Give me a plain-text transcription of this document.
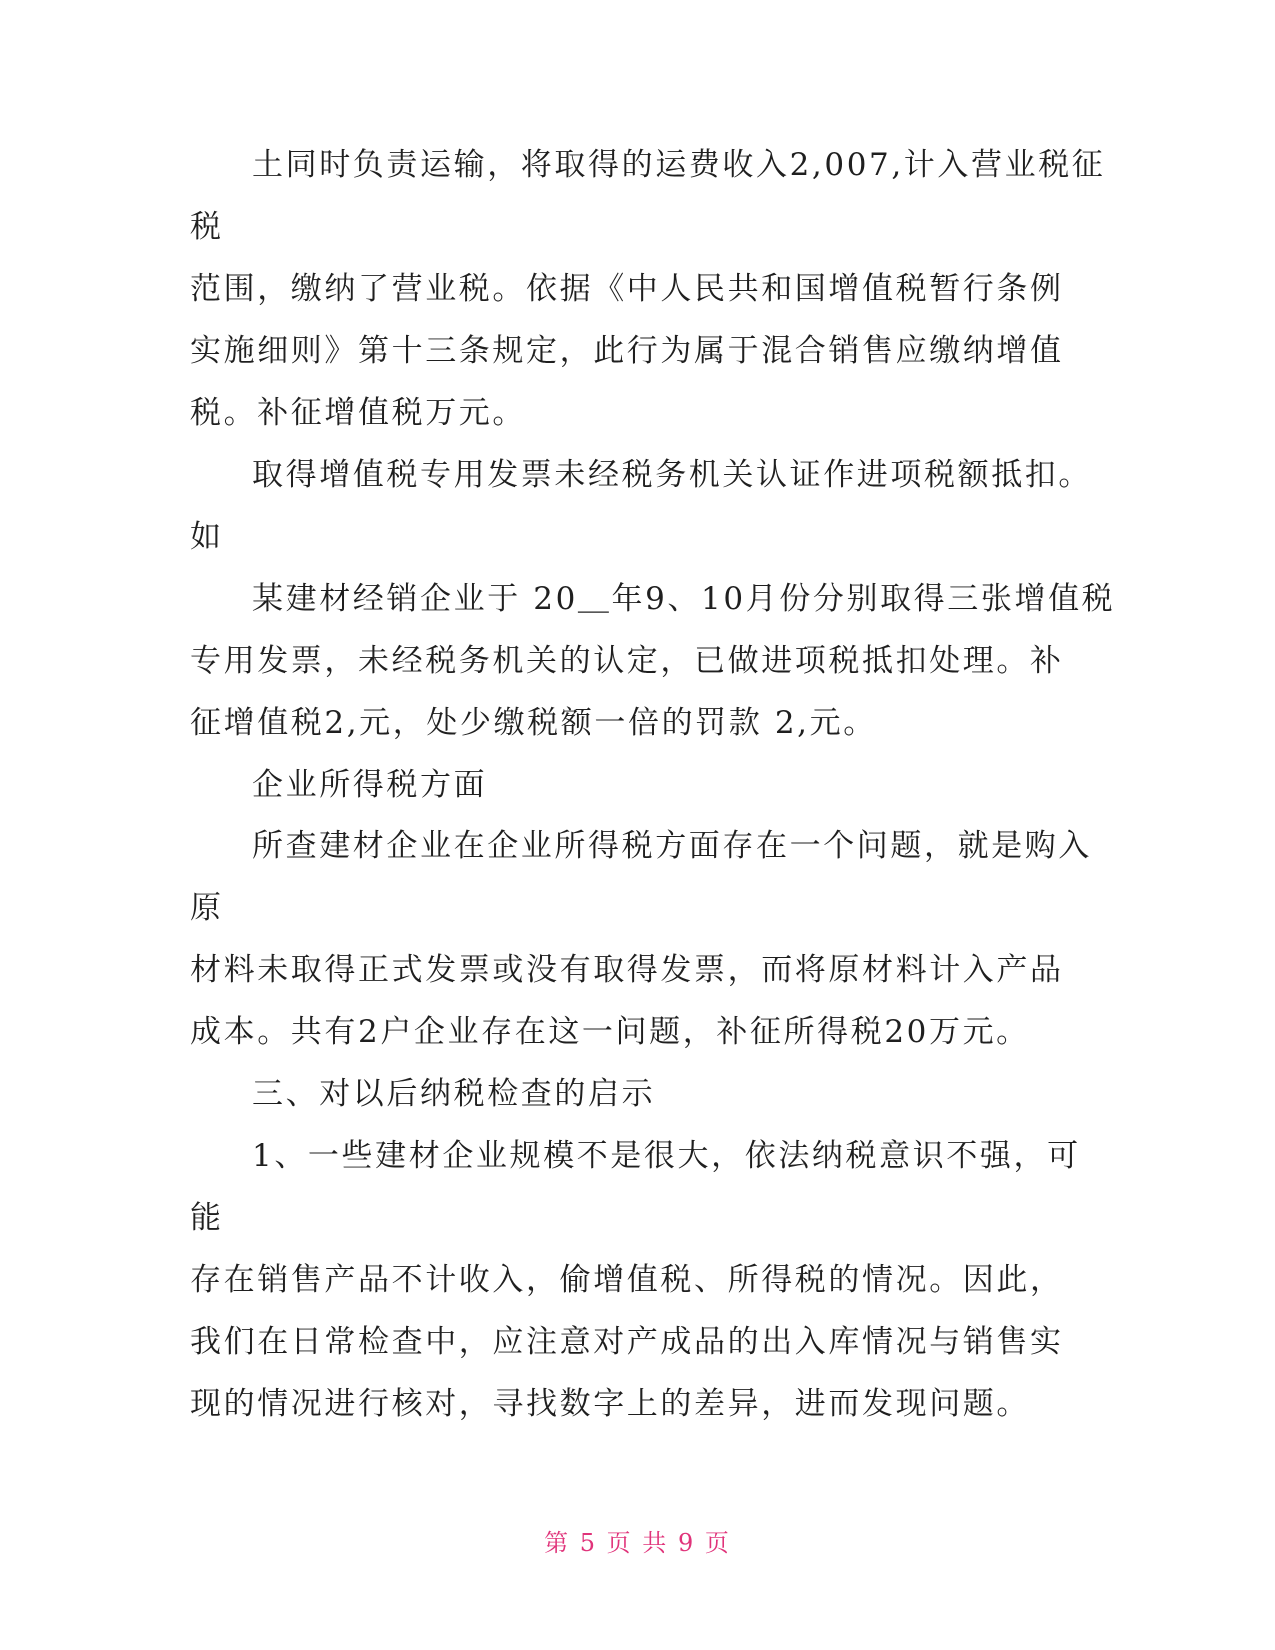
土同时负责运输，将取得的运费收入2,007,计入营业税征

税

范围，缴纳了营业税。依据《中人民共和国增值税暂行条例

实施细则》第十三条规定，此行为属于混合销售应缴纳增值

税。补征增值税万元。

取得增值税专用发票未经税务机关认证作进项税额抵扣。

如

某建材经销企业于 20＿年9、10月份分别取得三张增值税

专用发票，未经税务机关的认定，已做进项税抵扣处理。补

征增值税2,元，处少缴税额一倍的罚款 2,元。

企业所得税方面

所查建材企业在企业所得税方面存在一个问题，就是购入

原

材料未取得正式发票或没有取得发票，而将原材料计入产品

成本。共有2户企业存在这一问题，补征所得税20万元。

三、对以后纳税检查的启示

1、一些建材企业规模不是很大，依法纳税意识不强，可

能

存在销售产品不计收入，偷增值税、所得税的情况。因此，

我们在日常检查中，应注意对产成品的出入库情况与销售实

现的情况进行核对，寻找数字上的差异，进而发现问题。

第 5 页 共 9 页
